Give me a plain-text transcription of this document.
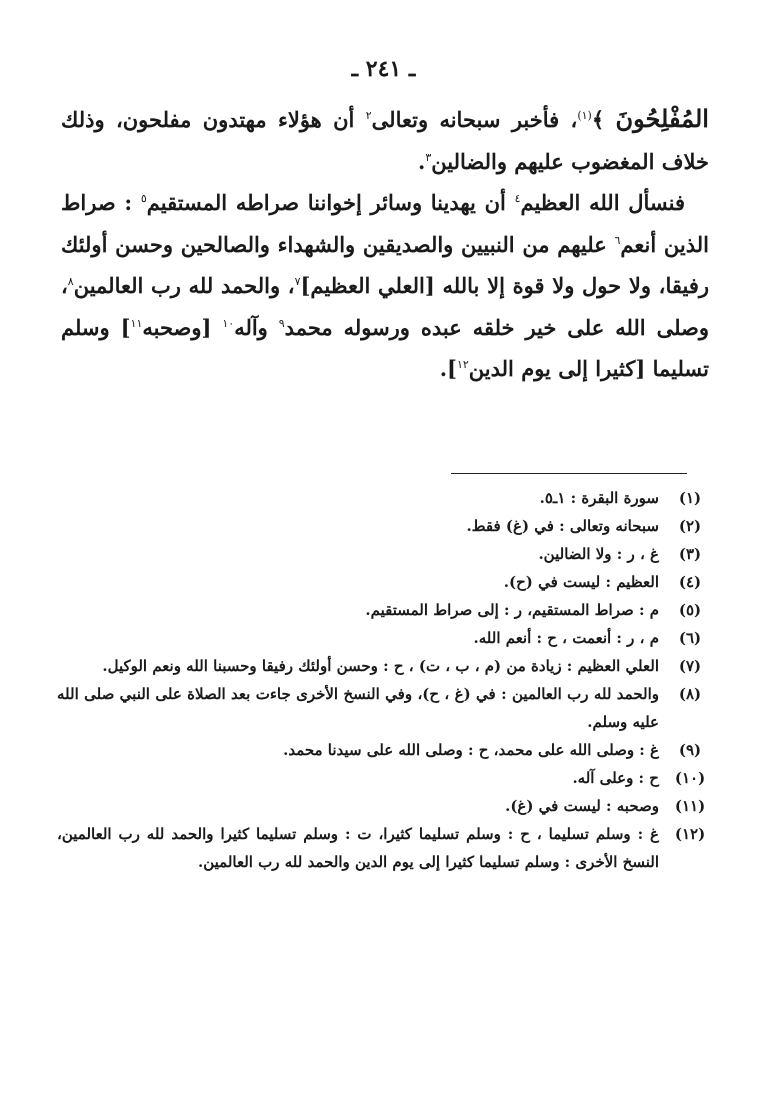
ـ ٢٤١ ـ

المُفْلِحُونَ ﴾$^{(١)}$، فأخبر سبحانه وتعالى$^٢$ أن هؤلاء مهتدون مفلحون، وذلك خلاف المغضوب عليهم والضالين$^٣$.

فنسأل الله العظيم$^٤$ أن يهدينا وسائر إخواننا صراطه المستقيم$^٥$ : صراط الذين أنعم$^٦$ عليهم من النبيين والصديقين والشهداء والصالحين وحسن أولئك رفيقا، ولا حول ولا قوة إلا بالله [العلي العظيم]$^٧$، والحمد لله رب العالمين$^٨$، وصلى الله على خير خلقه عبده ورسوله محمد$^٩$ وآله$^{١٠}$ [وصحبه$^{١١}$] وسلم تسليما [كثيرا إلى يوم الدين$^{١٢}$].

(١)
سورة البقرة : ١ـ٥.
(٢)
سبحانه وتعالى : في (غ) فقط.
(٣)
غ ، ر : ولا الضالين.
(٤)
العظيم : ليست في (ح).
(٥)
م : صراط المستقيم، ر : إلى صراط المستقيم.
(٦)
م ، ر : أنعمت ، ح : أنعم الله.
(٧)
العلي العظيم : زيادة من (م ، ب ، ت) ، ح : وحسن أولئك رفيقا وحسبنا الله ونعم الوكيل.
(٨)
والحمد لله رب العالمين : في (غ ، ح)، وفي النسخ الأخرى جاءت بعد الصلاة على النبي صلى الله عليه وسلم.
(٩)
غ : وصلى الله على محمد، ح : وصلى الله على سيدنا محمد.
(١٠)
ح : وعلى آله.
(١١)
وصحبه : ليست في (غ).
(١٢)
غ : وسلم تسليما ، ح : وسلم تسليما كثيرا، ت : وسلم تسليما كثيرا والحمد لله رب العالمين، النسخ الأخرى : وسلم تسليما كثيرا إلى يوم الدين والحمد لله رب العالمين.
